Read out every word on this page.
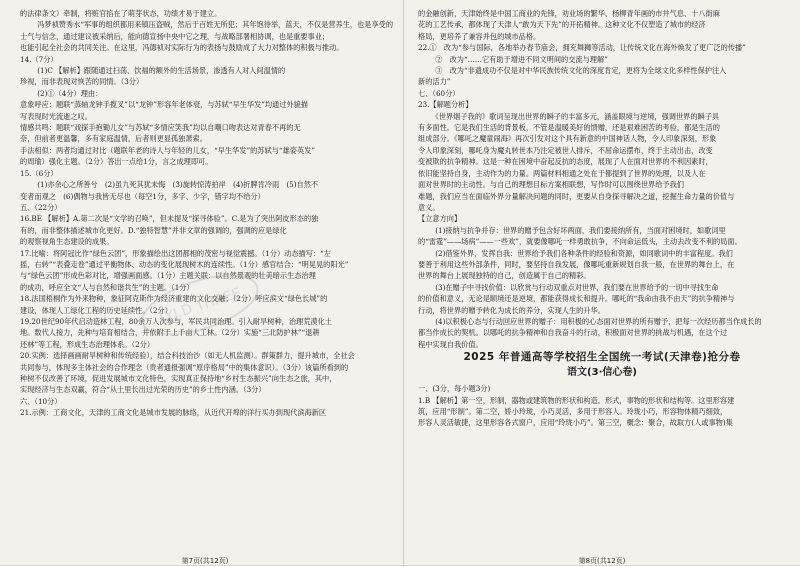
的法律条文）牵制，将赃官掐在了萌芽状态，功绩才易于建立。
　冯梦祯赞秀水“军事的组织都用来镇压盗贼，然后于百姓无所犯；其年饱待举，蓝天，不仅是营养生，也是享受的
士气与信念，通过建议被采纳后，能向德宣扬中央中它之理，与战略部署相协调，也是重要事业；
也能引起全社会的共同关注。在这里，冯德祯对实际行为的表扬与鼓励成了大力对整体的积极与推动。
14.（7分）
　(1)C 【解析】跟随通过扫荡、饮福的额外的生活场景，渗透有人对人间温情的
珍视，而非表现对恢苦的同情。（3分）
　(2)①（4分）理由：
意象呼应：题联“蒸轴龙钟手揽叉”以“龙钟”形容年老体衰，与苏轼“早生华发”均通过外貌描
写表现时光流逝之叹。
情感共鸣：题联“戏探手抱锄儿女”与苏轼“多情应笑我”均以自嘲口吻表达对青春不再的无
奈，但前者更温馨，多有家庭温情，后者则更显孤独萧索。
手法相似：两者均通过对比（题联年老的诗人与年轻的儿女，“早生华发”的苏轼与“雄姿英发”
的周瑜）强化主题。（2分）答出一点给1分，言之成理即可。
15.（6分）
　(1)亦余心之所善兮　(2)虽九死其犹未悔　(3)旋转惊涛拍岸　(4)折脾肯冷雨　(5)自然不
变者而观之　(6)偶物与我皆无尽也（每空1分，多字、少字，错字均不给分）
五、（22分）
16.BE 【解析】A.第二次是“文学的召唤”，但未提及“探寻体验”。C.是为了突出阿皮形态的独
有的，而非整体描述城市化更好。D.“独特智慧”并非文章的强调的，强调的应是绿化
的观察视角生态建设的成果。
17.比喻：将阿冠比作“绿色云团”，形象描绘出这团都相的茂密与视觉震撼。（1分）动态描写：“左
摇，右转”“表叠走卷”通过平衡物体、动态的变化展现树木的连续性。（1分）感官结合：“明晃晃的阳光”
与“绿色云团”形成色彩对比，增强画面感。（1分）主题关联：以自然景观的壮美暗示生态治理
的成功，呼应全文“人与自然和谐共生”的主题。（1分）
18.法国梧桐作为外来物种，象征阿克斯作为经济重建的文化交融；（2分）呼应滨文“绿色长城”的
建设，体现人工绿化工程的历史延续性。（2分）
19.20世纪90年代启动造林工程，80余万人次参与，军民共同治理。引入耐旱树种，治理荒漠化土
地。数代人接力，先种与培育相结合，并依附于上千亩人工林。（2分）实施“三北防护林”“退耕
还林”等工程，形成生态治理体系。（2分）
20.实例：选择画画耐旱树种和传统经验），结合科技治沙（如无人机监测）。群策群力，提升城市，全社会
共同参与，体现多主体社会的合作理念（贵者通报强调“原序格局”中的集体意识）。（3分）该篇所看到的
种树不仅改善了环境，促进发展城市文化特色，实现真正保持地“乡村生态振兴”向生态之旅，其中，
实现经济与生态双赢，符合“从土里长出过光荣的历史”的乡土性内涵。（3分）
六、（10分）
21.示例：工商文化，天津的工商文化是城市发展的脉络，从近代开埠的洋行买办到现代滨海新区
第7页(共12页)
的金融创新，天津始终是中国工商业的先锋，劝业场的繁华、杨柳青年画的市井气息、十八街麻
花的工艺传承，都体现了天津人“敢为天下先”的开拓精神。这种文化不仅塑造了城市的经济
格局，更培养了兼容并包的城市品格。
22.①　改为“参与国际，各地举办春节庙会，拥充舞狮等活动，让传统文化在海外焕发了更广泛的传播”
　②　改为“……它有助于增进不同文明间的交流与理解”
　③　改为“非遗成功不仅是对中华民族传统文化的深度肯定，更将为全球文化多样性保护注入
新的活力”
七、（60分）
23.【解题分析】
　《世界烟子我的》歌词呈现出世界的瞬子的丰富多元，涵盖眼境与逆境，强调世界的瞬子具
有多面性。它是我们生活的背景板，不管是温暖美好的馈赠，还是艰难困苦的考验，都是生活的
组成部分。《哪吒之魔童闹海》再次引发对这个具有新意的中国神话人物，令人印象深刻，形象
令人印象深刻，哪吒身为魔丸转世本乃注定被世人排斥，不屈命运摆布，终于主动出击，改变
变被欺的抗争精神。这是一种在困境中奋起反抗的态度，展现了人在面对世界的不利因素时，
依旧能坚持自身，主动作为的力量。两篇材料相通之处在于都提到了世界的处理，以及人在
面对世界时的主动性。与自己的理想目标方案相联想，写作时可以围绕世界给予我们
难题，我们应当在面临外界分量解决问题的同时，更要从自身探寻解决之道，挖掘生命力量的价值与
意义。
【立意方向】
　(1)接纳与抗争并存：世界的赠予包含好坏两面，我们要接纳所有，当面对困境时，如歌词里
的“雷霆”——场病”——一些欢”，就要像哪吒一样勇敢抗争，不向命运低头，主动去改变不利的局面。
　(2)借鉴外界，发挥自我：世界给予我们各种条件的经验和资源，如同歌词中的丰富程度。我们
要善于利用这些外部条件，同时，要坚持自我发展，像哪吒重新规划自我一般，在世界的舞台上，在
世界的舞台上展现独特的自己，创造属于自己的精彩。
　(3)在赠子中寻找价值：以欣赏与行动双重点对世界，我们要在世界给予的一切中寻找生命
的价值和意义，无论是顺境还是逆境，都能获得成长和提升。哪吒的“我命由我不由天”的抗争精神与
行动，将世界的赠予转化为成长的养分，实现人生的升华。
　(4)以积极心态与行动回应世界的赠子：用积极的心态面对世界的所有赠予，把每一次经历都当作成长的
都当作成长的契机。以哪吒的抗争精神和自我奋斗的行动，积极面对世界的挑战与机遇，在这个过
程中实现自我价值。
2025 年普通高等学校招生全国统一考试(天津卷)抢分卷
语文(3·信心卷)
一、(3分，每小题3分)
1.B 【解析】第一空，形制，器物或建筑物的形状和构造。形式，事物的形状和结构等。这里形容建
筑，应用“形制”。第二空，娇小玲珑，小巧灵活，多用于形容人。玲珑小巧，形容物体精巧细致，
形容人灵活敏捷，这里形容各式窗户，应用“玲珑小巧”。第三空，概念：聚合，故取方(人或事物)集
第8页(共12页)
LYJ.D THREE
